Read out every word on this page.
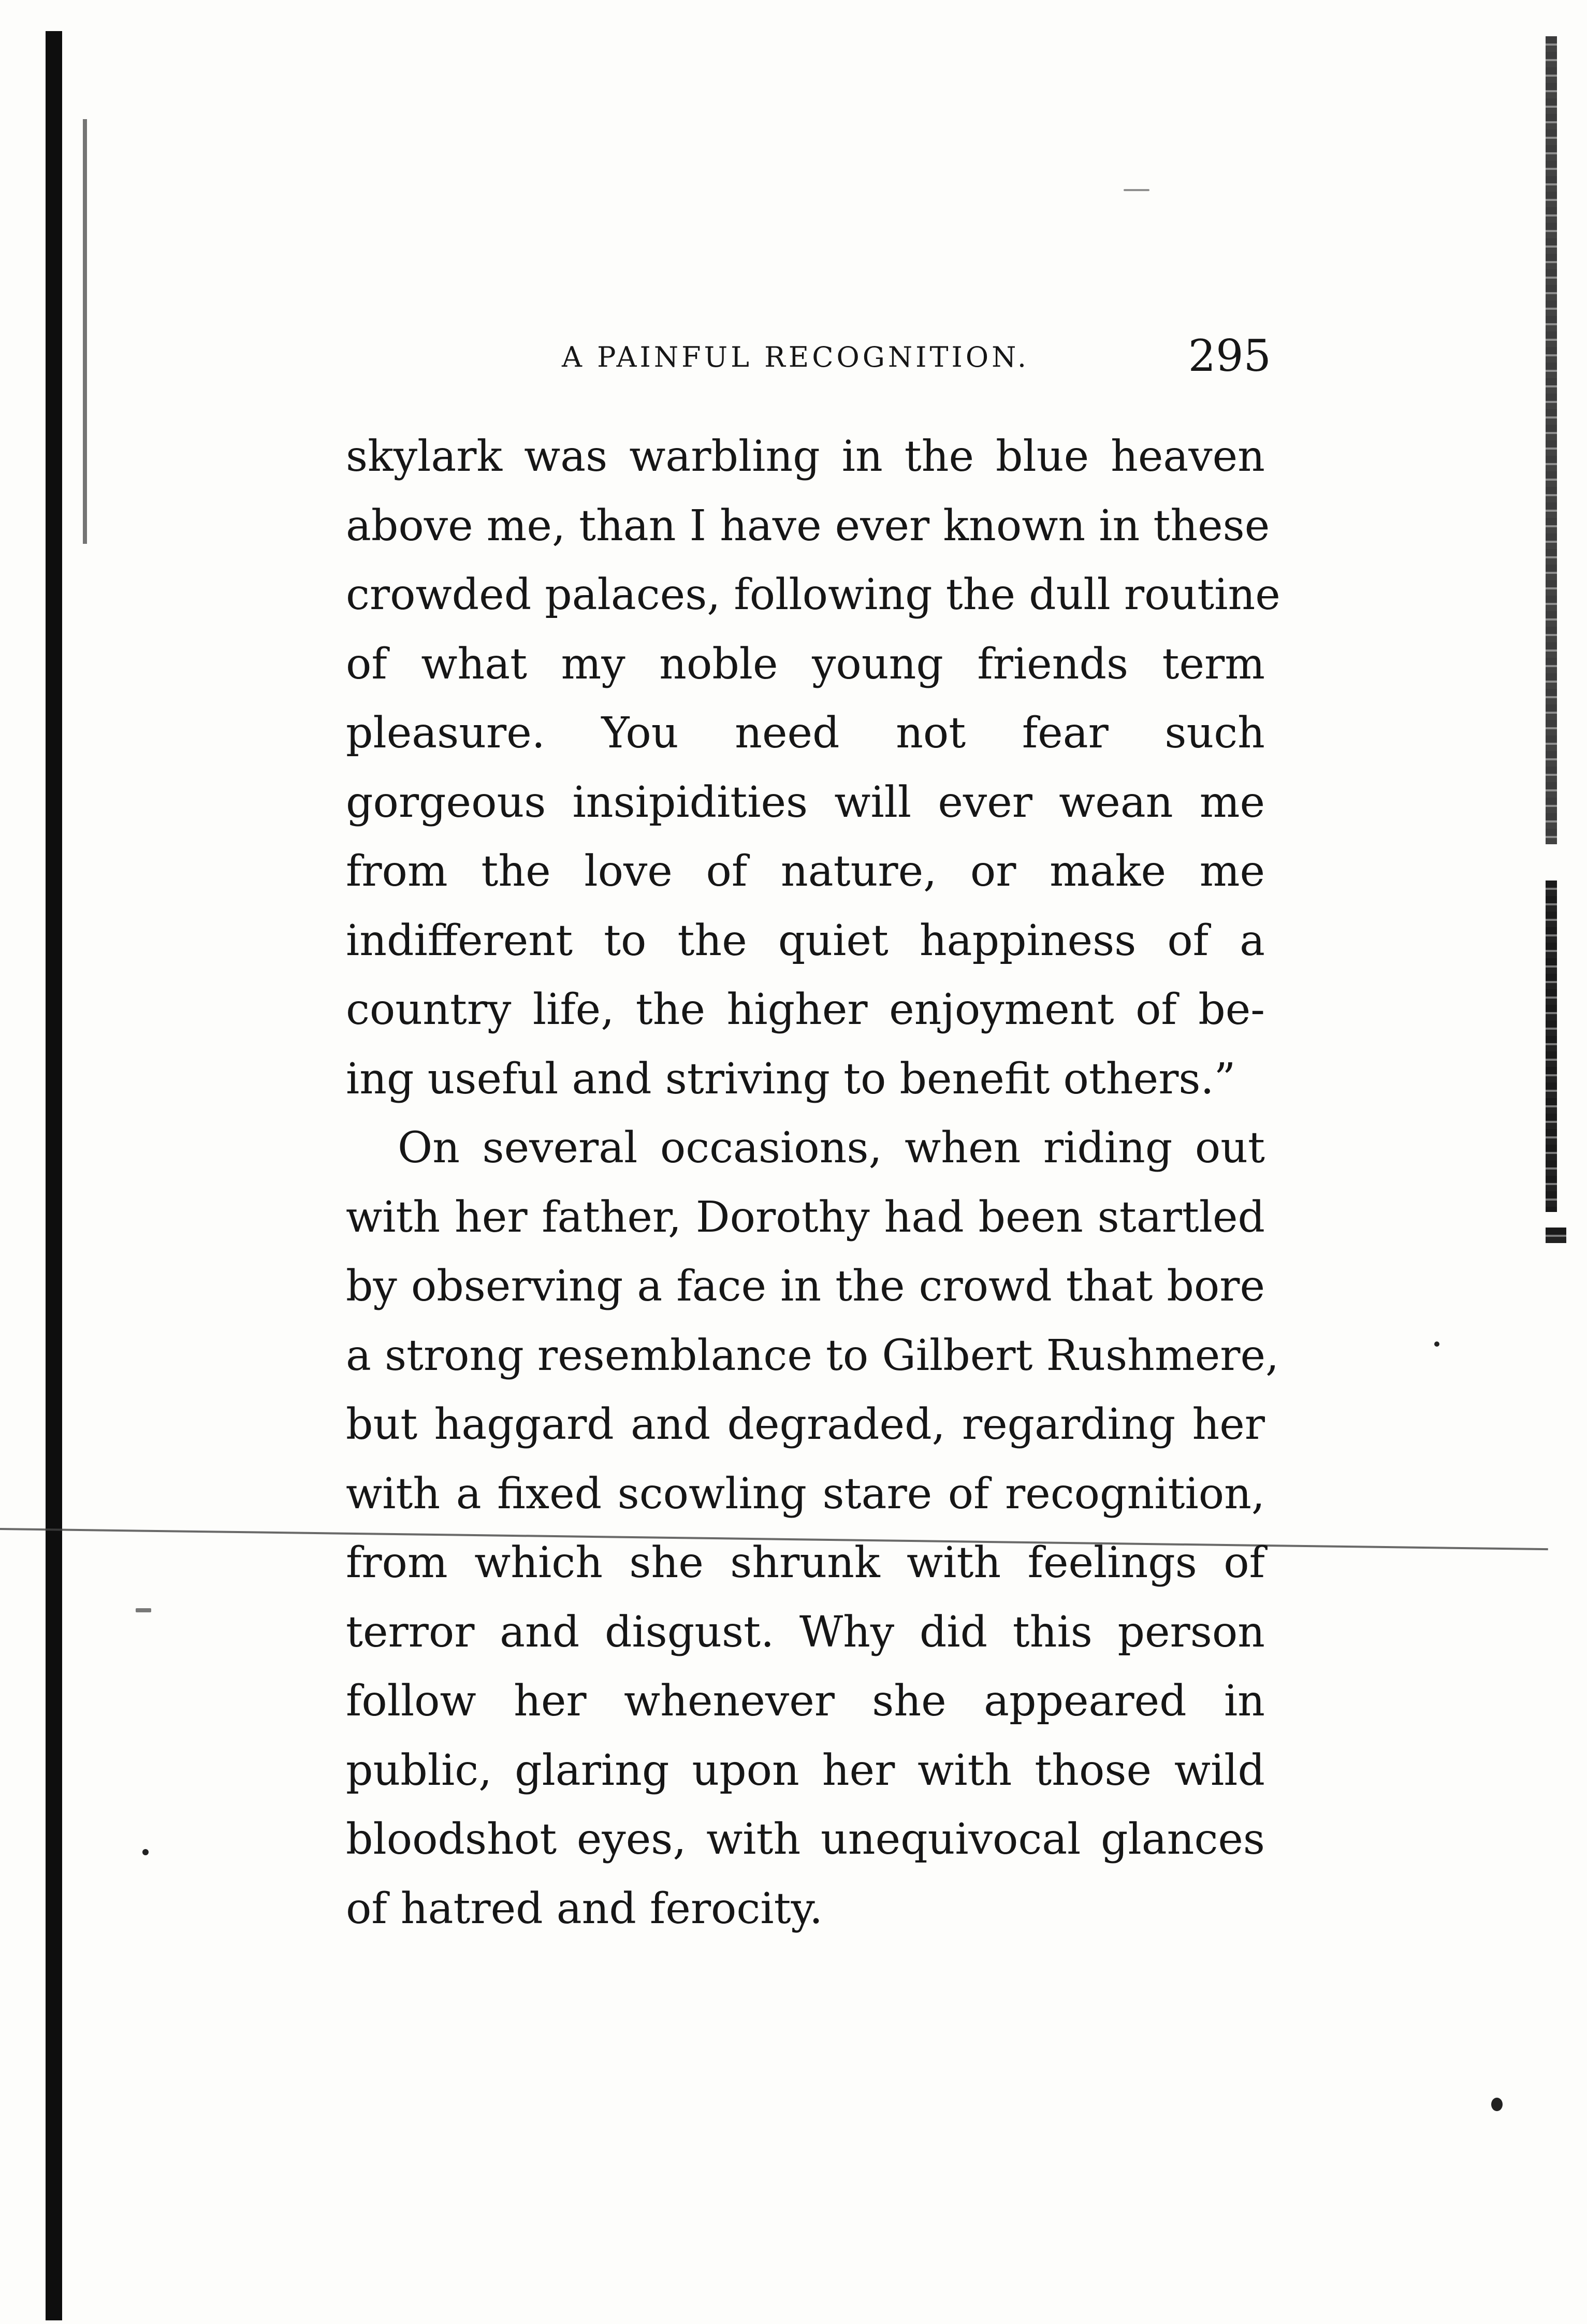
A PAINFUL RECOGNITION.	295
skylark was warbling in the blue heaven
above me, than I have ever known in these
crowded palaces, following the dull routine
of what my noble young friends term
pleasure. You need not fear such
gorgeous insipidities will ever wean me
from the love of nature, or make me
indifferent to the quiet happiness of a
country life, the higher enjoyment of be-
ing useful and striving to benefit others.”
On several occasions, when riding out
with her father, Dorothy had been startled
by observing a face in the crowd that bore
a strong resemblance to Gilbert Rushmere,
but haggard and degraded, regarding her
with a fixed scowling stare of recognition,
from which she shrunk with feelings of
terror and disgust. Why did this person
follow her whenever she appeared in
public, glaring upon her with those wild
bloodshot eyes, with unequivocal glances
of hatred and ferocity.
